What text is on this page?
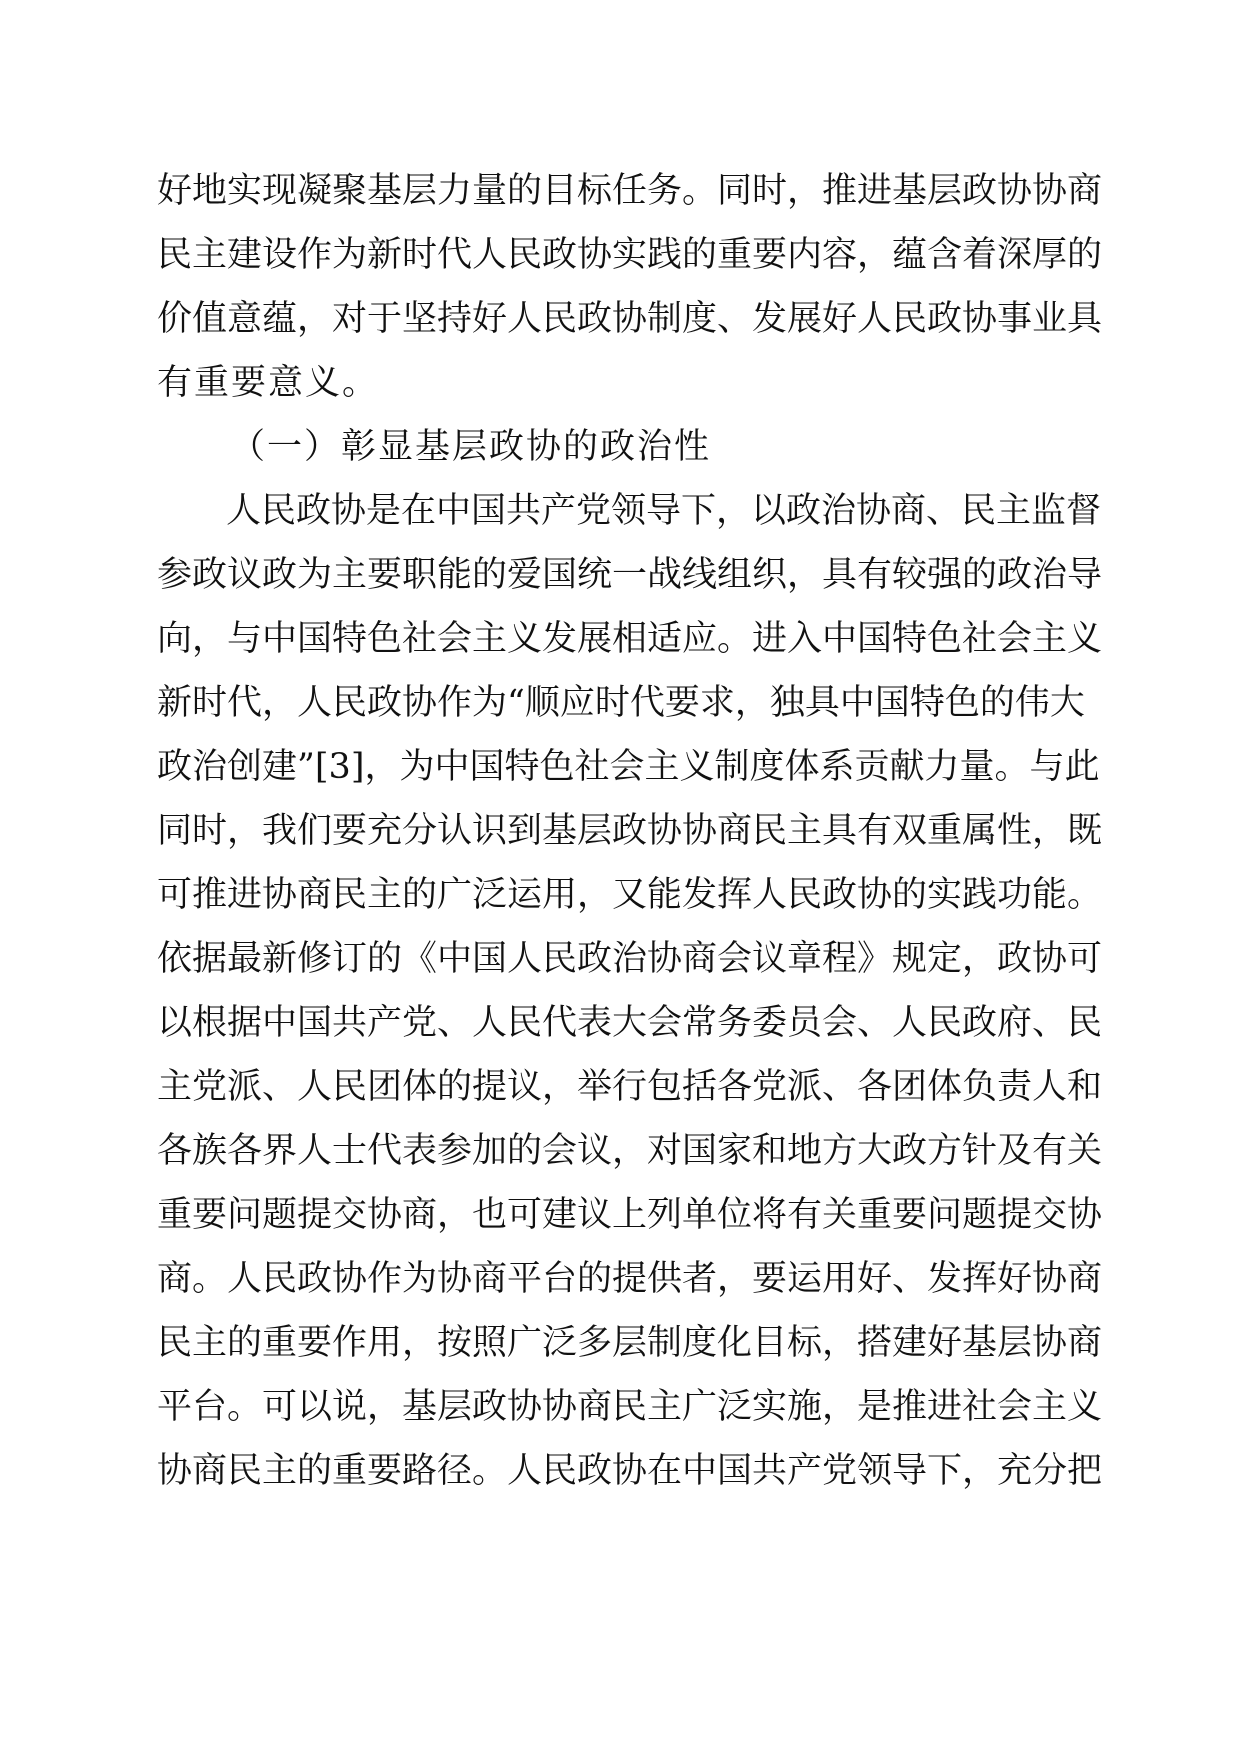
好地实现凝聚基层力量的目标任务。同时，推进基层政协协商
民主建设作为新时代人民政协实践的重要内容，蕴含着深厚的
价值意蕴，对于坚持好人民政协制度、发展好人民政协事业具
有重要意义。
（一）彰显基层政协的政治性
人民政协是在中国共产党领导下，以政治协商、民主监督
参政议政为主要职能的爱国统一战线组织，具有较强的政治导
向，与中国特色社会主义发展相适应。进入中国特色社会主义
新时代，人民政协作为“顺应时代要求，独具中国特色的伟大
政治创建”[3]，为中国特色社会主义制度体系贡献力量。与此
同时，我们要充分认识到基层政协协商民主具有双重属性，既
可推进协商民主的广泛运用，又能发挥人民政协的实践功能。
依据最新修订的《中国人民政治协商会议章程》规定，政协可
以根据中国共产党、人民代表大会常务委员会、人民政府、民
主党派、人民团体的提议，举行包括各党派、各团体负责人和
各族各界人士代表参加的会议，对国家和地方大政方针及有关
重要问题提交协商，也可建议上列单位将有关重要问题提交协
商。人民政协作为协商平台的提供者，要运用好、发挥好协商
民主的重要作用，按照广泛多层制度化目标，搭建好基层协商
平台。可以说，基层政协协商民主广泛实施，是推进社会主义
协商民主的重要路径。人民政协在中国共产党领导下，充分把
